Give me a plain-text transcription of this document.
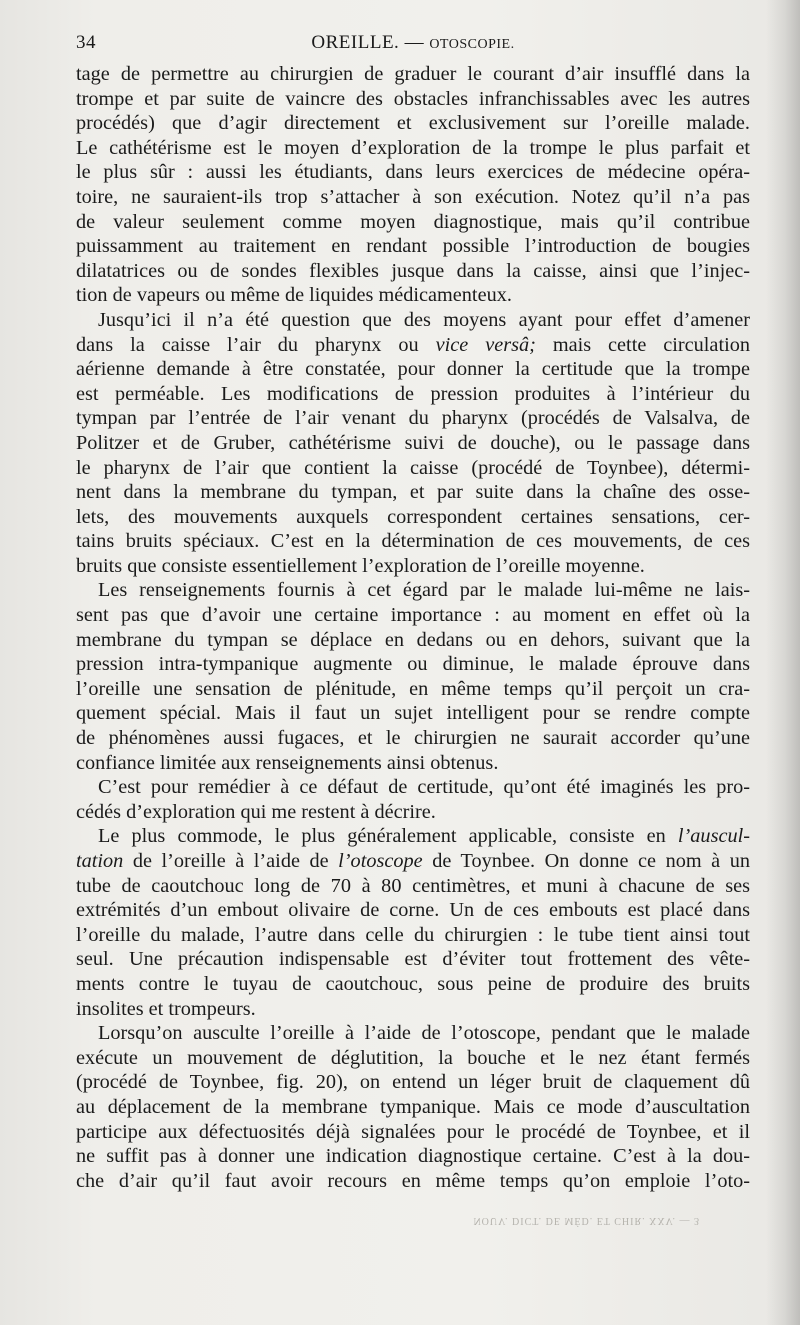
34	OREILLE. — OTOSCOPIE.
tage de permettre au chirurgien de graduer le courant d’air insufflé dans la
trompe et par suite de vaincre des obstacles infranchissables avec les autres
procédés) que d’agir directement et exclusivement sur l’oreille malade.
Le cathétérisme est le moyen d’exploration de la trompe le plus parfait et
le plus sûr : aussi les étudiants, dans leurs exercices de médecine opéra-
toire, ne sauraient-ils trop s’attacher à son exécution. Notez qu’il n’a pas
de valeur seulement comme moyen diagnostique, mais qu’il contribue
puissamment au traitement en rendant possible l’introduction de bougies
dilatatrices ou de sondes flexibles jusque dans la caisse, ainsi que l’injec-
tion de vapeurs ou même de liquides médicamenteux.
Jusqu’ici il n’a été question que des moyens ayant pour effet d’amener
dans la caisse l’air du pharynx ou vice versâ; mais cette circulation
aérienne demande à être constatée, pour donner la certitude que la trompe
est perméable. Les modifications de pression produites à l’intérieur du
tympan par l’entrée de l’air venant du pharynx (procédés de Valsalva, de
Politzer et de Gruber, cathétérisme suivi de douche), ou le passage dans
le pharynx de l’air que contient la caisse (procédé de Toynbee), détermi-
nent dans la membrane du tympan, et par suite dans la chaîne des osse-
lets, des mouvements auxquels correspondent certaines sensations, cer-
tains bruits spéciaux. C’est en la détermination de ces mouvements, de ces
bruits que consiste essentiellement l’exploration de l’oreille moyenne.
Les renseignements fournis à cet égard par le malade lui-même ne lais-
sent pas que d’avoir une certaine importance : au moment en effet où la
membrane du tympan se déplace en dedans ou en dehors, suivant que la
pression intra-tympanique augmente ou diminue, le malade éprouve dans
l’oreille une sensation de plénitude, en même temps qu’il perçoit un cra-
quement spécial. Mais il faut un sujet intelligent pour se rendre compte
de phénomènes aussi fugaces, et le chirurgien ne saurait accorder qu’une
confiance limitée aux renseignements ainsi obtenus.
C’est pour remédier à ce défaut de certitude, qu’ont été imaginés les pro-
cédés d’exploration qui me restent à décrire.
Le plus commode, le plus généralement applicable, consiste en l’auscul-
tation de l’oreille à l’aide de l’otoscope de Toynbee. On donne ce nom à un
tube de caoutchouc long de 70 à 80 centimètres, et muni à chacune de ses
extrémités d’un embout olivaire de corne. Un de ces embouts est placé dans
l’oreille du malade, l’autre dans celle du chirurgien : le tube tient ainsi tout
seul. Une précaution indispensable est d’éviter tout frottement des vête-
ments contre le tuyau de caoutchouc, sous peine de produire des bruits
insolites et trompeurs.
Lorsqu’on ausculte l’oreille à l’aide de l’otoscope, pendant que le malade
exécute un mouvement de déglutition, la bouche et le nez étant fermés
(procédé de Toynbee, fig. 20), on entend un léger bruit de claquement dû
au déplacement de la membrane tympanique. Mais ce mode d’auscultation
participe aux défectuosités déjà signalées pour le procédé de Toynbee, et il
ne suffit pas à donner une indication diagnostique certaine. C’est à la dou-
che d’air qu’il faut avoir recours en même temps qu’on emploie l’oto-
NOUV. DICT. DE MÉD. ET CHIR. XXV. — 3
